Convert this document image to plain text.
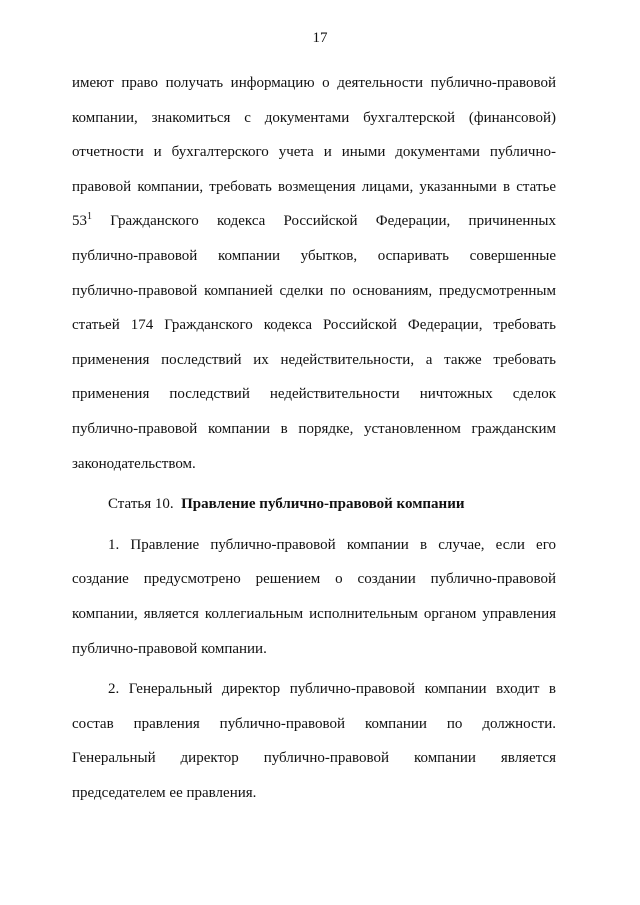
17
имеют право получать информацию о деятельности публично-правовой
компании, знакомиться с документами бухгалтерской (финансовой)
отчетности и бухгалтерского учета и иными документами публично-
правовой компании, требовать возмещения лицами, указанными в статье
$53^1$ Гражданского кодекса Российской Федерации, причиненных
публично-правовой компании убытков, оспаривать совершенные
публично-правовой компанией сделки по основаниям, предусмотренным
статьей 174 Гражданского кодекса Российской Федерации, требовать
применения последствий их недействительности, а также требовать
применения последствий недействительности ничтожных сделок
публично-правовой компании в порядке, установленном гражданским
законодательством.
Статья 10. Правление публично-правовой компании
1. Правление публично-правовой компании в случае, если его
создание предусмотрено решением о создании публично-правовой
компании, является коллегиальным исполнительным органом управления
публично-правовой компании.
2. Генеральный директор публично-правовой компании входит в
состав правления публично-правовой компании по должности.
Генеральный директор публично-правовой компании является
председателем ее правления.
